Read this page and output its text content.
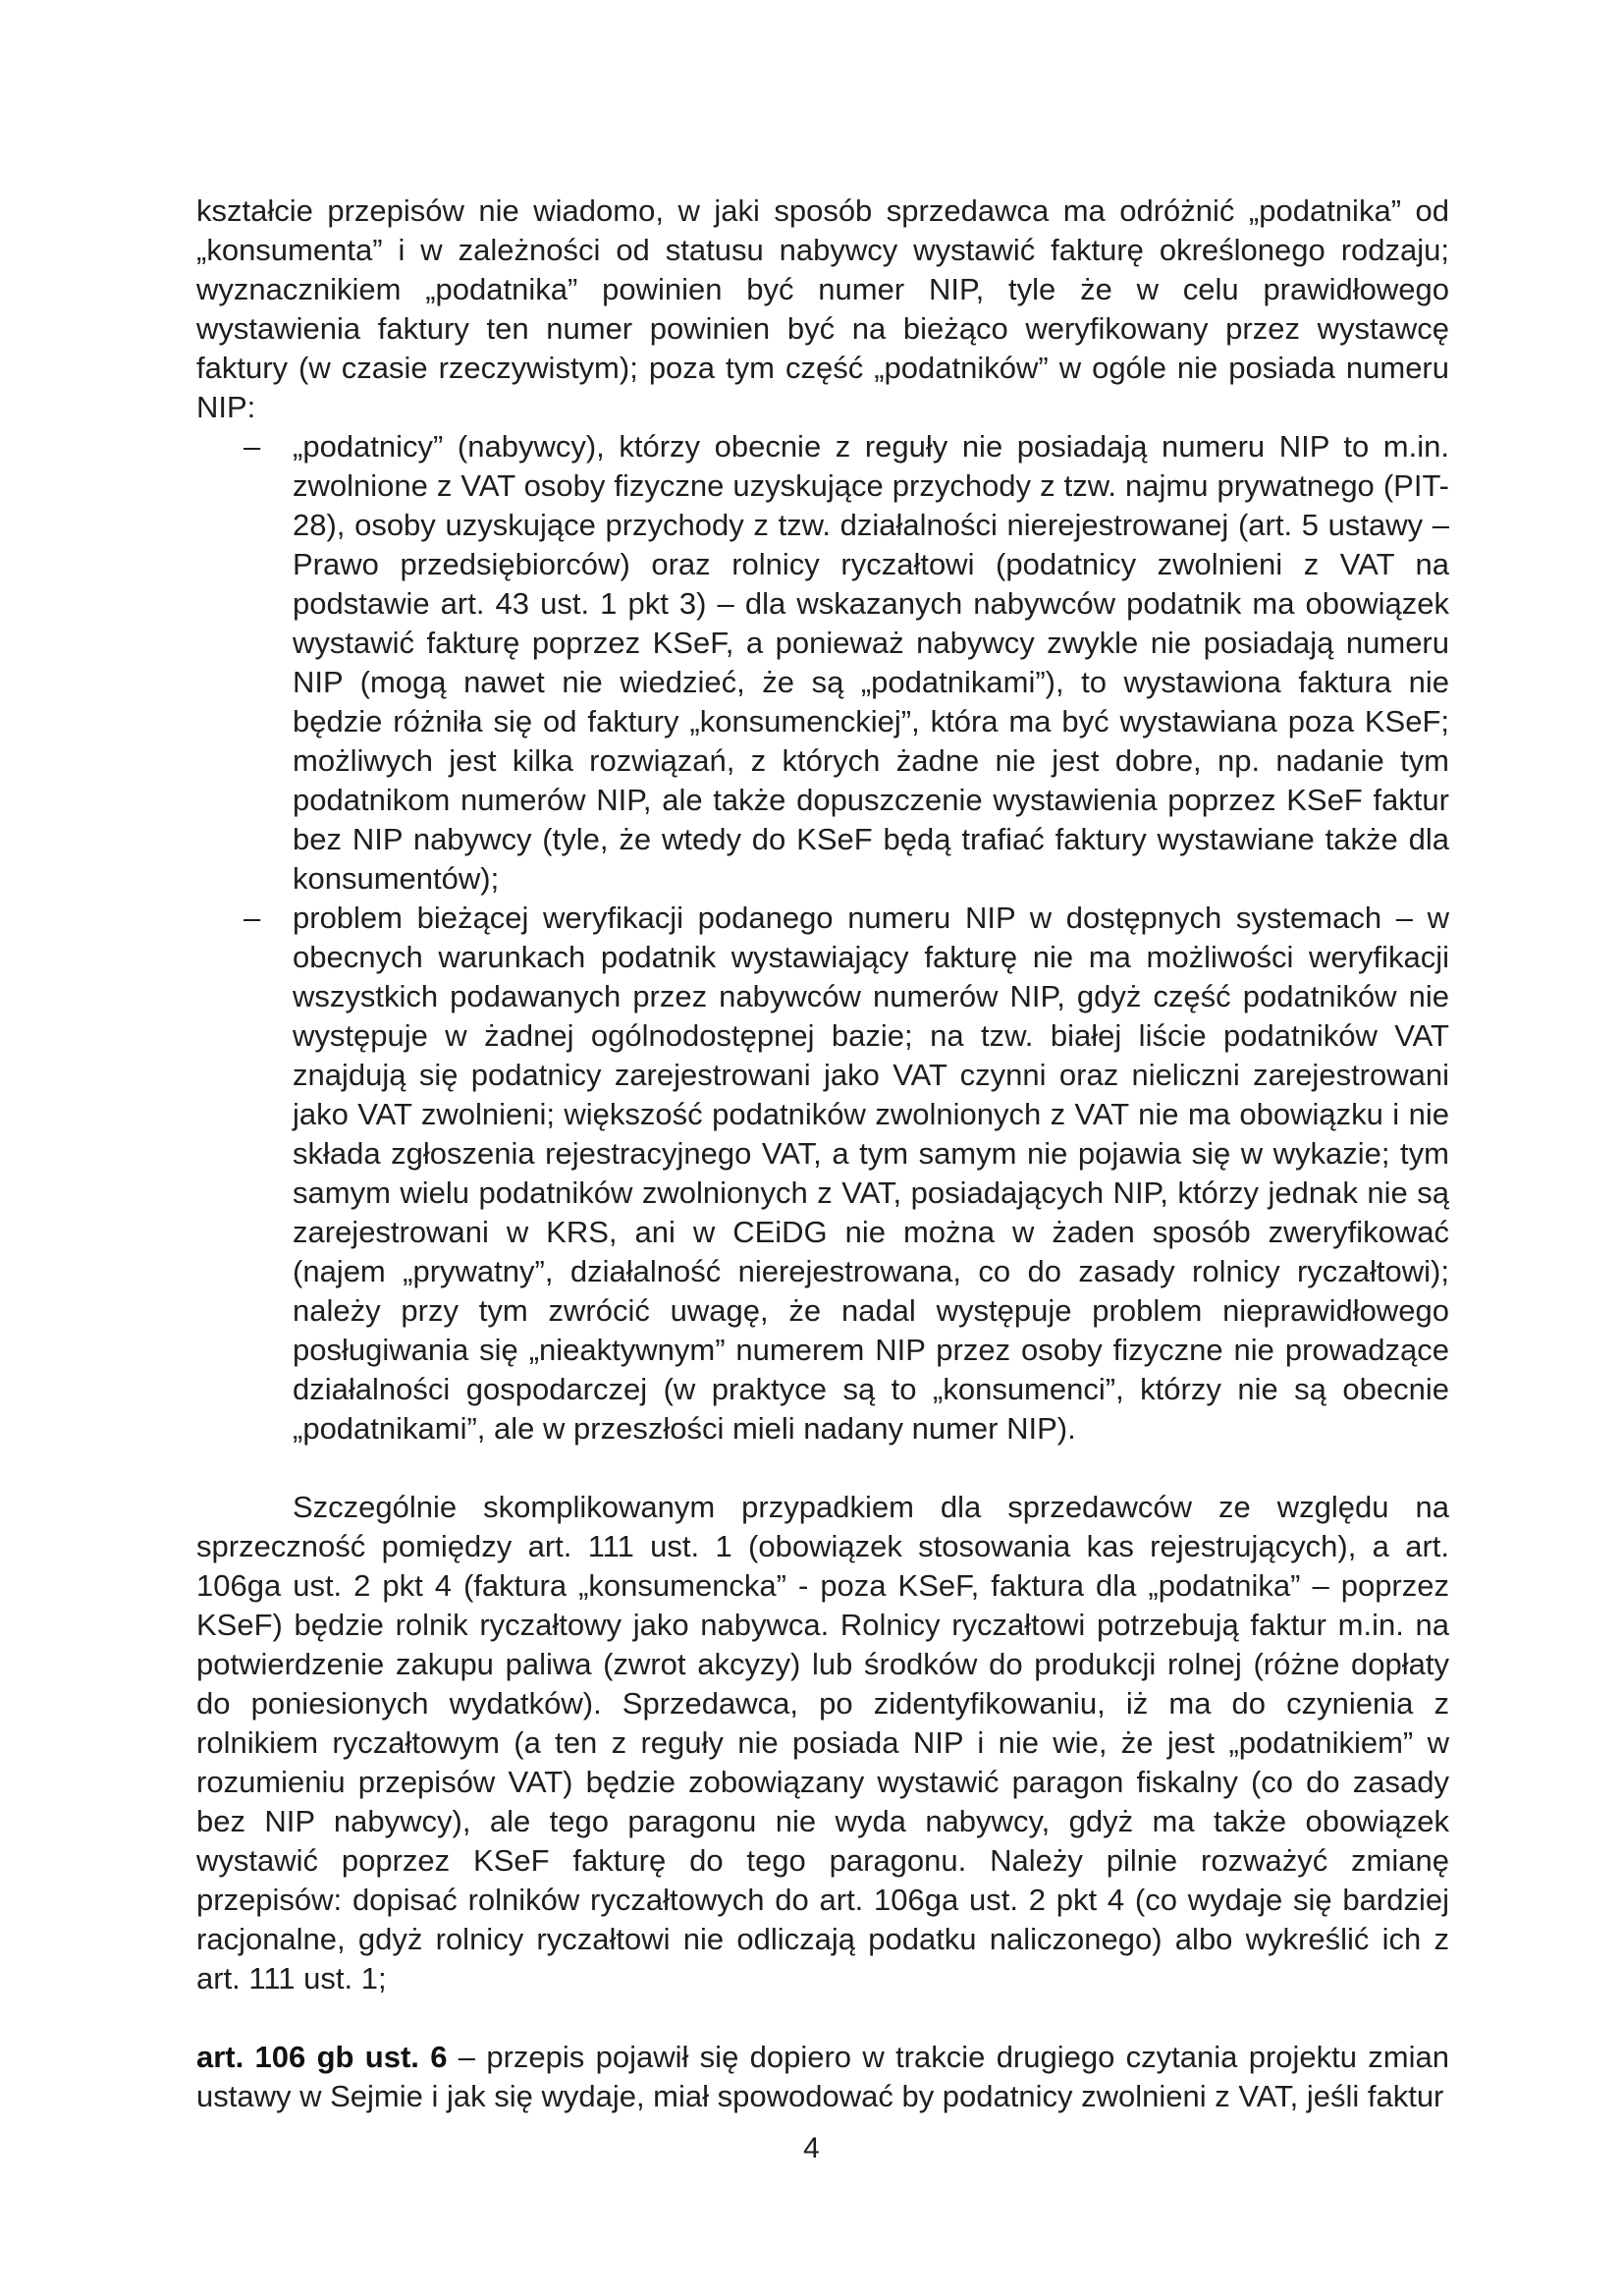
kształcie przepisów nie wiadomo, w jaki sposób sprzedawca ma odróżnić „podatnika” od „konsumenta” i w zależności od statusu nabywcy wystawić fakturę określonego rodzaju; wyznacznikiem „podatnika” powinien być numer NIP, tyle że w celu prawidłowego wystawienia faktury ten numer powinien być na bieżąco weryfikowany przez wystawcę faktury (w czasie rzeczywistym); poza tym część „podatników” w ogóle nie posiada numeru NIP:

–	„podatnicy” (nabywcy), którzy obecnie z reguły nie posiadają numeru NIP to m.in. zwolnione z VAT osoby fizyczne uzyskujące przychody z tzw. najmu prywatnego (PIT-28), osoby uzyskujące przychody z tzw. działalności nierejestrowanej (art. 5 ustawy – Prawo przedsiębiorców) oraz rolnicy ryczałtowi (podatnicy zwolnieni z VAT na podstawie art. 43 ust. 1 pkt 3) – dla wskazanych nabywców podatnik ma obowiązek wystawić fakturę poprzez KSeF, a ponieważ nabywcy zwykle nie posiadają numeru NIP (mogą nawet nie wiedzieć, że są „podatnikami”), to wystawiona faktura nie będzie różniła się od faktury „konsumenckiej”, która ma być wystawiana poza KSeF; możliwych jest kilka rozwiązań, z których żadne nie jest dobre, np. nadanie tym podatnikom numerów NIP, ale także dopuszczenie wystawienia poprzez KSeF faktur bez NIP nabywcy (tyle, że wtedy do KSeF będą trafiać faktury wystawiane także dla konsumentów);
–	problem bieżącej weryfikacji podanego numeru NIP w dostępnych systemach – w obecnych warunkach podatnik wystawiający fakturę nie ma możliwości weryfikacji wszystkich podawanych przez nabywców numerów NIP, gdyż część podatników nie występuje w żadnej ogólnodostępnej bazie; na tzw. białej liście podatników VAT znajdują się podatnicy zarejestrowani jako VAT czynni oraz nieliczni zarejestrowani jako VAT zwolnieni; większość podatników zwolnionych z VAT nie ma obowiązku i nie składa zgłoszenia rejestracyjnego VAT, a tym samym nie pojawia się w wykazie; tym samym wielu podatników zwolnionych z VAT, posiadających NIP, którzy jednak nie są zarejestrowani w KRS, ani w CEiDG nie można w żaden sposób zweryfikować (najem „prywatny”, działalność nierejestrowana, co do zasady rolnicy ryczałtowi); należy przy tym zwrócić uwagę, że nadal występuje problem nieprawidłowego posługiwania się „nieaktywnym” numerem NIP przez osoby fizyczne nie prowadzące działalności gospodarczej (w praktyce są to „konsumenci”, którzy nie są obecnie „podatnikami”, ale w przeszłości mieli nadany numer NIP).

Szczególnie skomplikowanym przypadkiem dla sprzedawców ze względu na sprzeczność pomiędzy art. 111 ust. 1 (obowiązek stosowania kas rejestrujących), a art. 106ga ust. 2 pkt 4 (faktura „konsumencka” - poza KSeF, faktura dla „podatnika” – poprzez KSeF) będzie rolnik ryczałtowy jako nabywca. Rolnicy ryczałtowi potrzebują faktur m.in. na potwierdzenie zakupu paliwa (zwrot akcyzy) lub środków do produkcji rolnej (różne dopłaty do poniesionych wydatków). Sprzedawca, po zidentyfikowaniu, iż ma do czynienia z rolnikiem ryczałtowym (a ten z reguły nie posiada NIP i nie wie, że jest „podatnikiem” w rozumieniu przepisów VAT) będzie zobowiązany wystawić paragon fiskalny (co do zasady bez NIP nabywcy), ale tego paragonu nie wyda nabywcy, gdyż ma także obowiązek wystawić poprzez KSeF fakturę do tego paragonu. Należy pilnie rozważyć zmianę przepisów: dopisać rolników ryczałtowych do art. 106ga ust. 2 pkt 4 (co wydaje się bardziej racjonalne, gdyż rolnicy ryczałtowi nie odliczają podatku naliczonego) albo wykreślić ich z art. 111 ust. 1;

art. 106 gb ust. 6 – przepis pojawił się dopiero w trakcie drugiego czytania projektu zmian ustawy w Sejmie i jak się wydaje, miał spowodować by podatnicy zwolnieni z VAT, jeśli faktur

4
